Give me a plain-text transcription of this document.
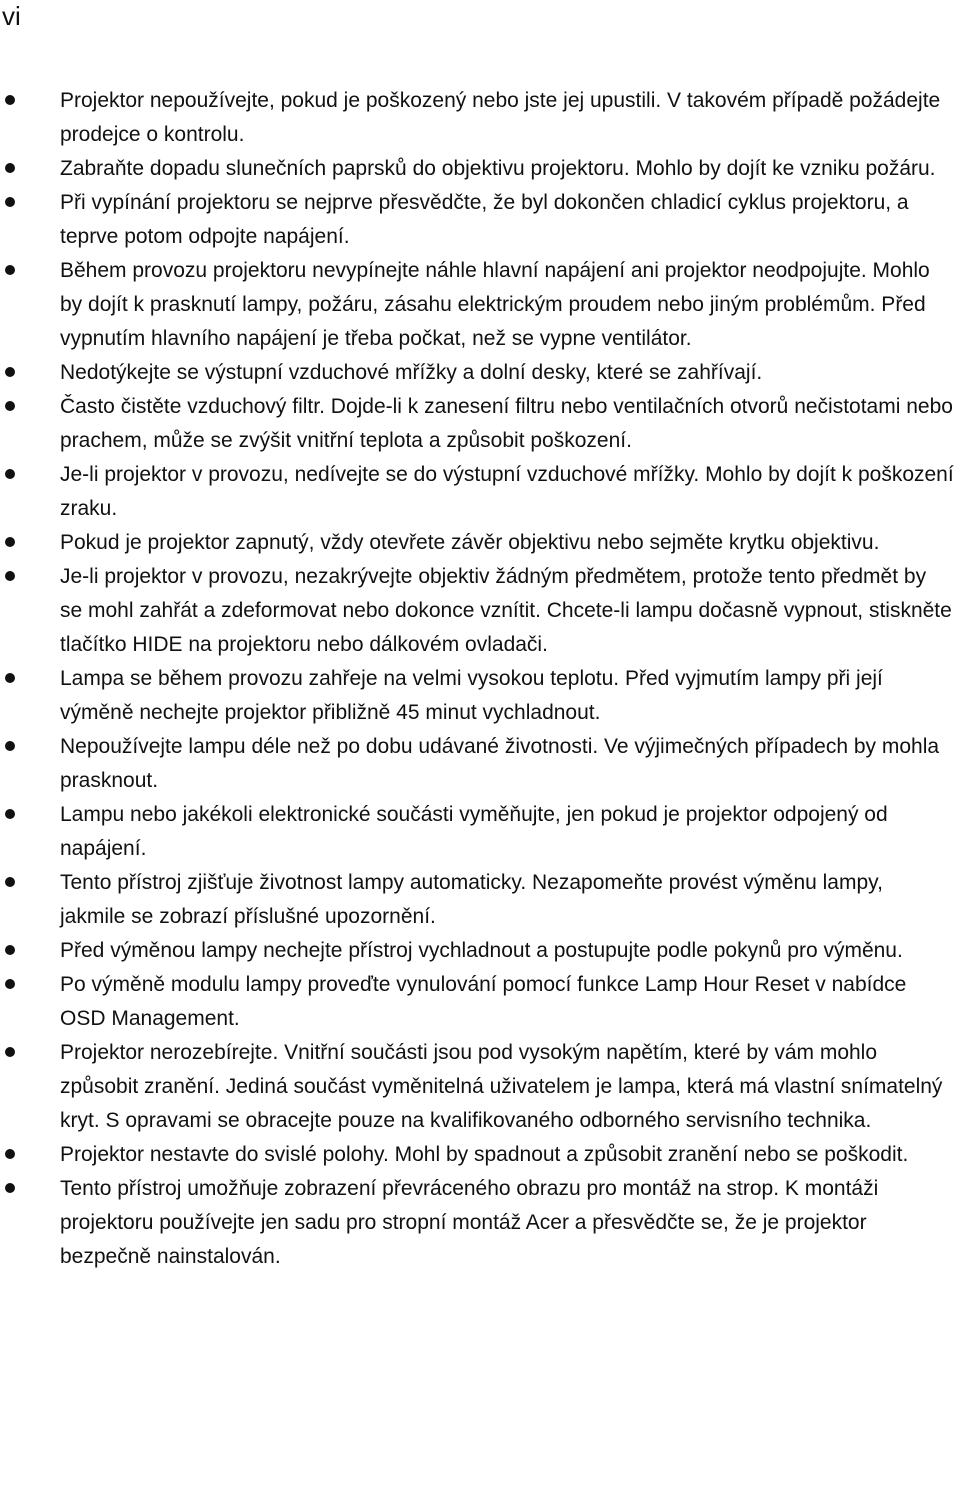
vi
Projektor nepoužívejte, pokud je poškozený nebo jste jej upustili. V takovém případě požádejte prodejce o kontrolu.
Zabraňte dopadu slunečních paprsků do objektivu projektoru. Mohlo by dojít ke vzniku požáru.
Při vypínání projektoru se nejprve přesvědčte, že byl dokončen chladicí cyklus projektoru, a teprve potom odpojte napájení.
Během provozu projektoru nevypínejte náhle hlavní napájení ani projektor neodpojujte. Mohlo by dojít k prasknutí lampy, požáru, zásahu elektrickým proudem nebo jiným problémům. Před vypnutím hlavního napájení je třeba počkat, než se vypne ventilátor.
Nedotýkejte se výstupní vzduchové mřížky a dolní desky, které se zahřívají.
Často čistěte vzduchový filtr. Dojde-li k zanesení filtru nebo ventilačních otvorů nečistotami nebo prachem, může se zvýšit vnitřní teplota a způsobit poškození.
Je-li projektor v provozu, nedívejte se do výstupní vzduchové mřížky. Mohlo by dojít k poškození zraku.
Pokud je projektor zapnutý, vždy otevřete závěr objektivu nebo sejměte krytku objektivu.
Je-li projektor v provozu, nezakrývejte objektiv žádným předmětem, protože tento předmět by se mohl zahřát a zdeformovat nebo dokonce vznítit. Chcete-li lampu dočasně vypnout, stiskněte tlačítko HIDE na projektoru nebo dálkovém ovladači.
Lampa se během provozu zahřeje na velmi vysokou teplotu. Před vyjmutím lampy při její výměně nechejte projektor přibližně 45 minut vychladnout.
Nepoužívejte lampu déle než po dobu udávané životnosti. Ve výjimečných případech by mohla prasknout.
Lampu nebo jakékoli elektronické součásti vyměňujte, jen pokud je projektor odpojený od napájení.
Tento přístroj zjišťuje životnost lampy automaticky. Nezapomeňte provést výměnu lampy, jakmile se zobrazí příslušné upozornění.
Před výměnou lampy nechejte přístroj vychladnout a postupujte podle pokynů pro výměnu.
Po výměně modulu lampy proveďte vynulování pomocí funkce Lamp Hour Reset v nabídce OSD Management.
Projektor nerozebírejte. Vnitřní součásti jsou pod vysokým napětím, které by vám mohlo způsobit zranění. Jediná součást vyměnitelná uživatelem je lampa, která má vlastní snímatelný kryt. S opravami se obracejte pouze na kvalifikovaného odborného servisního technika.
Projektor nestavte do svislé polohy. Mohl by spadnout a způsobit zranění nebo se poškodit.
Tento přístroj umožňuje zobrazení převráceného obrazu pro montáž na strop. K montáži projektoru používejte jen sadu pro stropní montáž Acer a přesvědčte se, že je projektor bezpečně nainstalován.
